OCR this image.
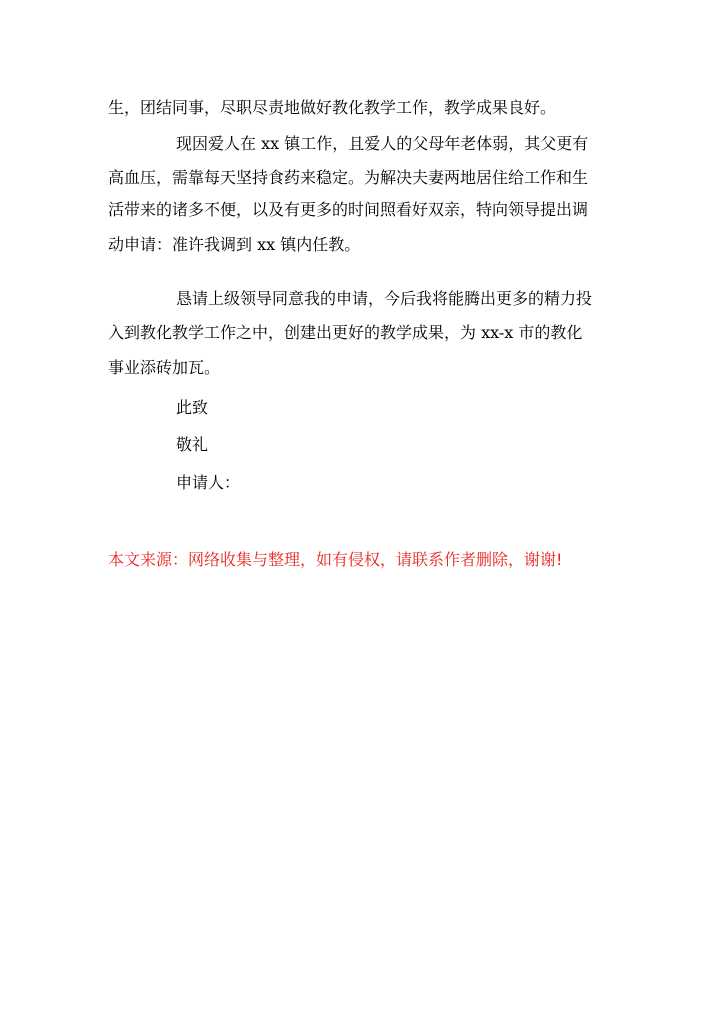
生，团结同事，尽职尽责地做好教化教学工作，教学成果良好。
现因爱人在 xx 镇工作，且爱人的父母年老体弱，其父更有
高血压，需靠每天坚持食药来稳定。为解决夫妻两地居住给工作和生
活带来的诸多不便，以及有更多的时间照看好双亲，特向领导提出调
动申请：准许我调到 xx 镇内任教。
恳请上级领导同意我的申请，今后我将能腾出更多的精力投
入到教化教学工作之中，创建出更好的教学成果，为 xx-x 市的教化
事业添砖加瓦。
此致
敬礼
申请人：
本文来源：网络收集与整理，如有侵权，请联系作者删除，谢谢!
